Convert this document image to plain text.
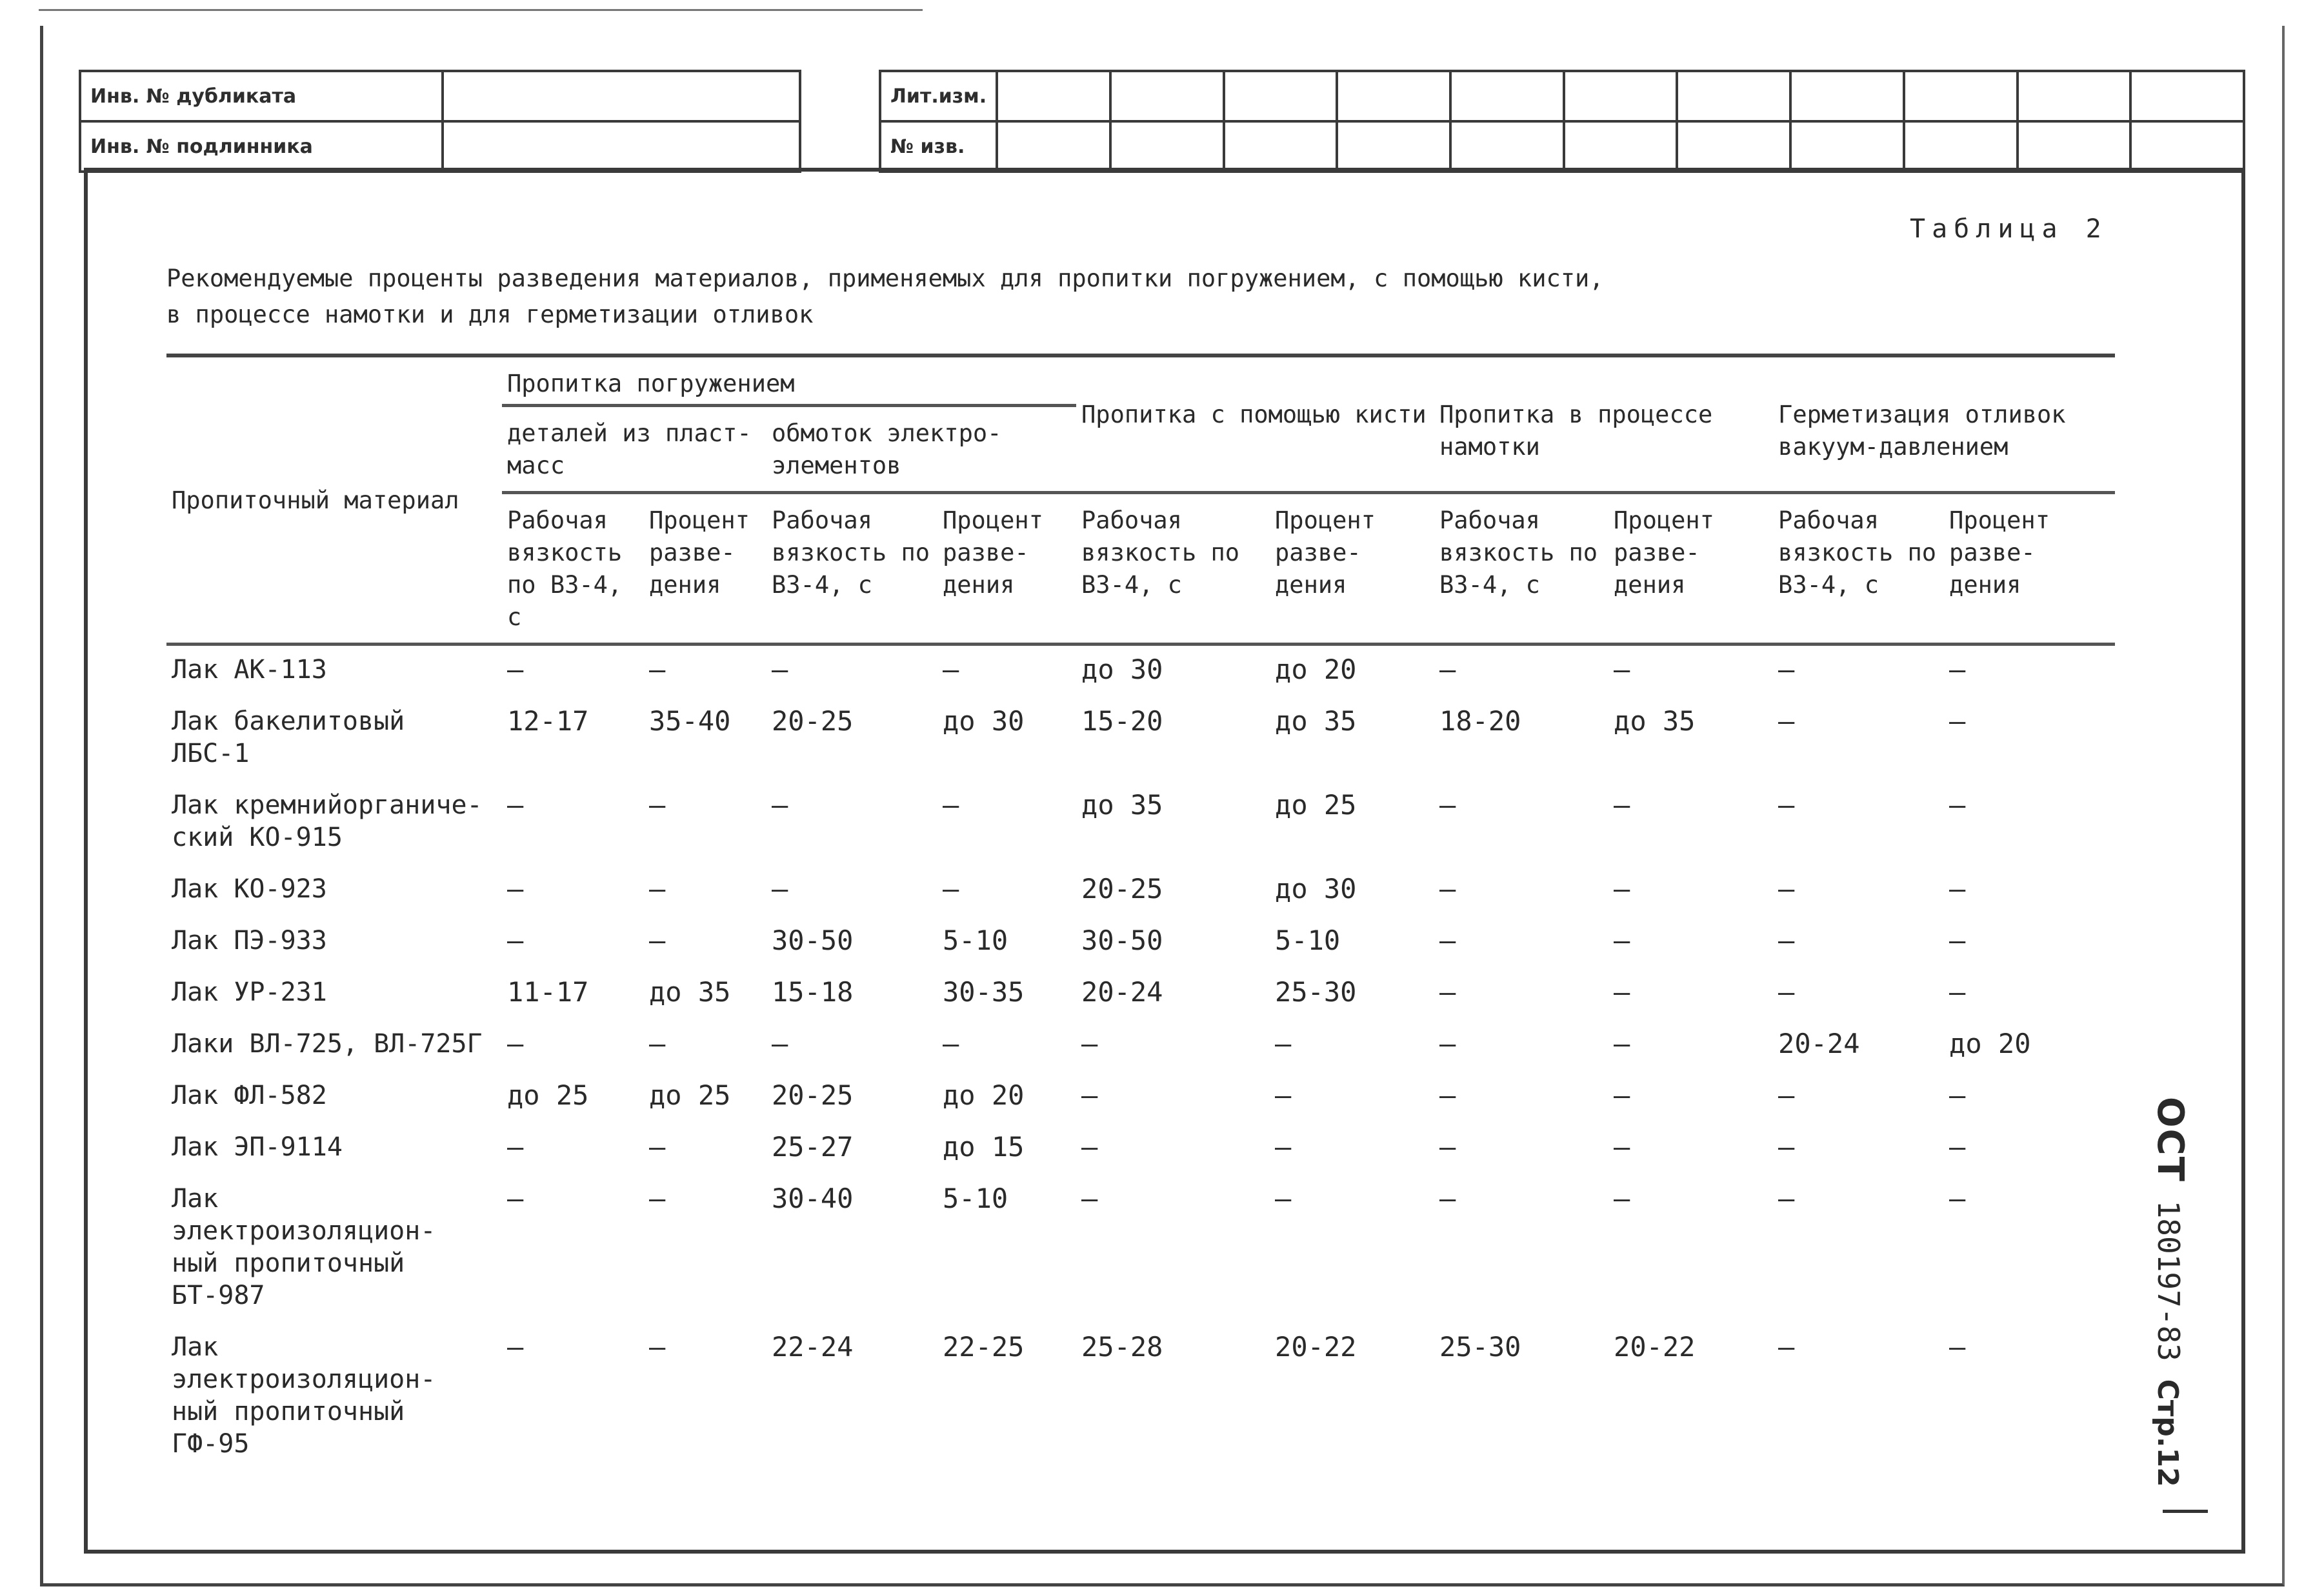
Инв. № дубликата	
Инв. № подлинника	
Лит.изм.											
№ изв.											
Таблица 2
Рекомендуемые проценты разведения материалов, применяемых для пропитки погружением, с помощью кисти,
в процессе намотки и для герметизации отливок
Пропиточный материал	Пропитка погружением				Пропитка с помощью кисти		Пропитка в процессе намотки		Герметизация отливок вакуум-давлением	
	деталей из пласт- масс		обмоток электро- элементов							
	Рабочая вязкость по ВЗ-4, с	Процент разве- дения	Рабочая вязкость по ВЗ-4, с	Процент разве- дения	Рабочая вязкость по ВЗ-4, с	Процент разве- дения	Рабочая вязкость по ВЗ-4, с	Процент разве- дения	Рабочая вязкость по ВЗ-4, с	Процент разве- дения
Лак АК-113	–	–	–	–	до 30	до 20	–	–	–	–
Лак бакелитовый ЛБС-1	12-17	35-40	20-25	до 30	15-20	до 35	18-20	до 35	–	–
Лак кремнийорганиче- ский КО-915	–	–	–	–	до 35	до 25	–	–	–	–
Лак КО-923	–	–	–	–	20-25	до 30	–	–	–	–
Лак ПЭ-933	–	–	30-50	5-10	30-50	5-10	–	–	–	–
Лак УР-231	11-17	до 35	15-18	30-35	20-24	25-30	–	–	–	–
Лаки ВЛ-725, ВЛ-725Г	–	–	–	–	–	–	–	–	20-24	до 20
Лак ФЛ-582	до 25	до 25	20-25	до 20	–	–	–	–	–	–
Лак ЭП-9114	–	–	25-27	до 15	–	–	–	–	–	–
Лак электроизоляцион- ный пропиточный БТ-987	–	–	30-40	5-10	–	–	–	–	–	–
Лак электроизоляцион- ный пропиточный ГФ-95	–	–	22-24	22-25	25-28	20-22	25-30	20-22	–	–
ОСТ 180197-83 Стр.12
